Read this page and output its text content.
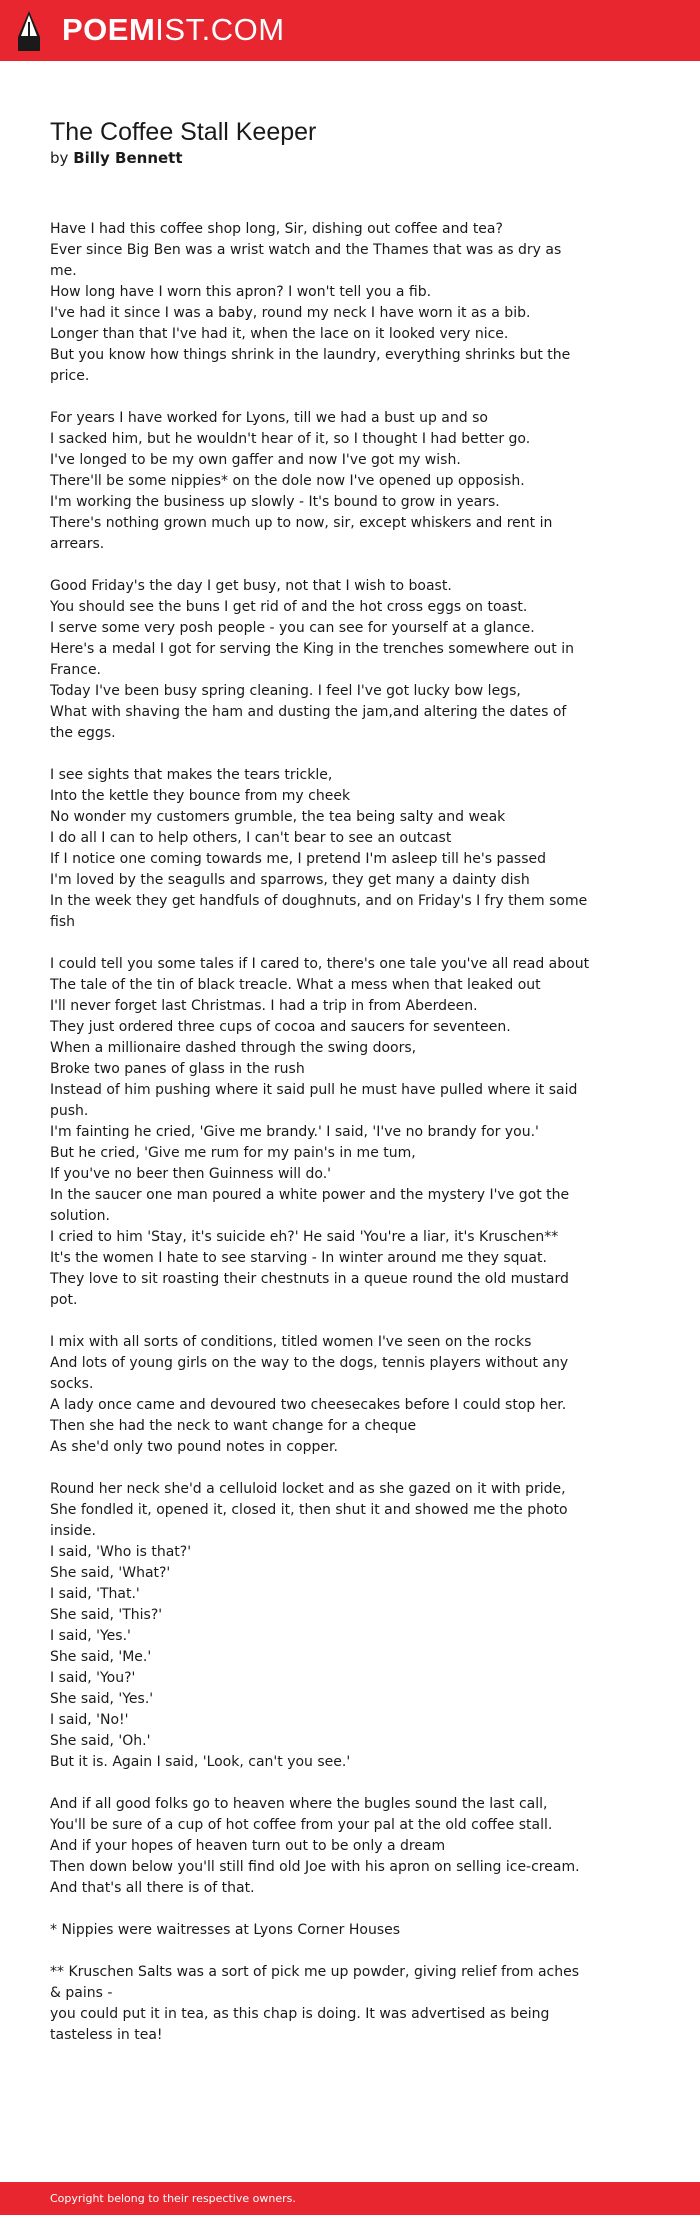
POEMIST.COM
The Coffee Stall Keeper
by Billy Bennett

Have I had this coffee shop long, Sir, dishing out coffee and tea?
Ever since Big Ben was a wrist watch and the Thames that was as dry as me.
How long have I worn this apron? I won't tell you a fib.
I've had it since I was a baby, round my neck I have worn it as a bib.
Longer than that I've had it, when the lace on it looked very nice.
But you know how things shrink in the laundry, everything shrinks but the price.

For years I have worked for Lyons, till we had a bust up and so
I sacked him, but he wouldn't hear of it, so I thought I had better go.
I've longed to be my own gaffer and now I've got my wish.
There'll be some nippies* on the dole now I've opened up opposish.
I'm working the business up slowly - It's bound to grow in years.
There's nothing grown much up to now, sir, except whiskers and rent in arrears.

Good Friday's the day I get busy, not that I wish to boast.
You should see the buns I get rid of and the hot cross eggs on toast.
I serve some very posh people - you can see for yourself at a glance.
Here's a medal I got for serving the King in the trenches somewhere out in France.
Today I've been busy spring cleaning. I feel I've got lucky bow legs,
What with shaving the ham and dusting the jam,and altering the dates of the eggs.

I see sights that makes the tears trickle,
Into the kettle they bounce from my cheek
No wonder my customers grumble, the tea being salty and weak
I do all I can to help others, I can't bear to see an outcast
If I notice one coming towards me, I pretend I'm asleep till he's passed
I'm loved by the seagulls and sparrows, they get many a dainty dish
In the week they get handfuls of doughnuts, and on Friday's I fry them some fish

I could tell you some tales if I cared to, there's one tale you've all read about
The tale of the tin of black treacle. What a mess when that leaked out
I'll never forget last Christmas. I had a trip in from Aberdeen.
They just ordered three cups of cocoa and saucers for seventeen.
When a millionaire dashed through the swing doors,
Broke two panes of glass in the rush
Instead of him pushing where it said pull he must have pulled where it said push.
I'm fainting he cried, 'Give me brandy.' I said, 'I've no brandy for you.'
But he cried, 'Give me rum for my pain's in me tum,
If you've no beer then Guinness will do.'
In the saucer one man poured a white power and the mystery I've got the solution.
I cried to him 'Stay, it's suicide eh?' He said 'You're a liar, it's Kruschen**
It's the women I hate to see starving - In winter around me they squat.
They love to sit roasting their chestnuts in a queue round the old mustard pot.

I mix with all sorts of conditions, titled women I've seen on the rocks
And lots of young girls on the way to the dogs, tennis players without any socks.
A lady once came and devoured two cheesecakes before I could stop her.
Then she had the neck to want change for a cheque
As she'd only two pound notes in copper.

Round her neck she'd a celluloid locket and as she gazed on it with pride,
She fondled it, opened it, closed it, then shut it and showed me the photo inside.
I said, 'Who is that?'
She said, 'What?'
I said, 'That.'
She said, 'This?'
I said, 'Yes.'
She said, 'Me.'
I said, 'You?'
She said, 'Yes.'
I said, 'No!'
She said, 'Oh.'
But it is. Again I said, 'Look, can't you see.'

And if all good folks go to heaven where the bugles sound the last call,
You'll be sure of a cup of hot coffee from your pal at the old coffee stall.
And if your hopes of heaven turn out to be only a dream
Then down below you'll still find old Joe with his apron on selling ice-cream.
And that's all there is of that.

* Nippies were waitresses at Lyons Corner Houses

** Kruschen Salts was a sort of pick me up powder, giving relief from aches & pains -
you could put it in tea, as this chap is doing. It was advertised as being tasteless in tea!

Copyright belong to their respective owners.
